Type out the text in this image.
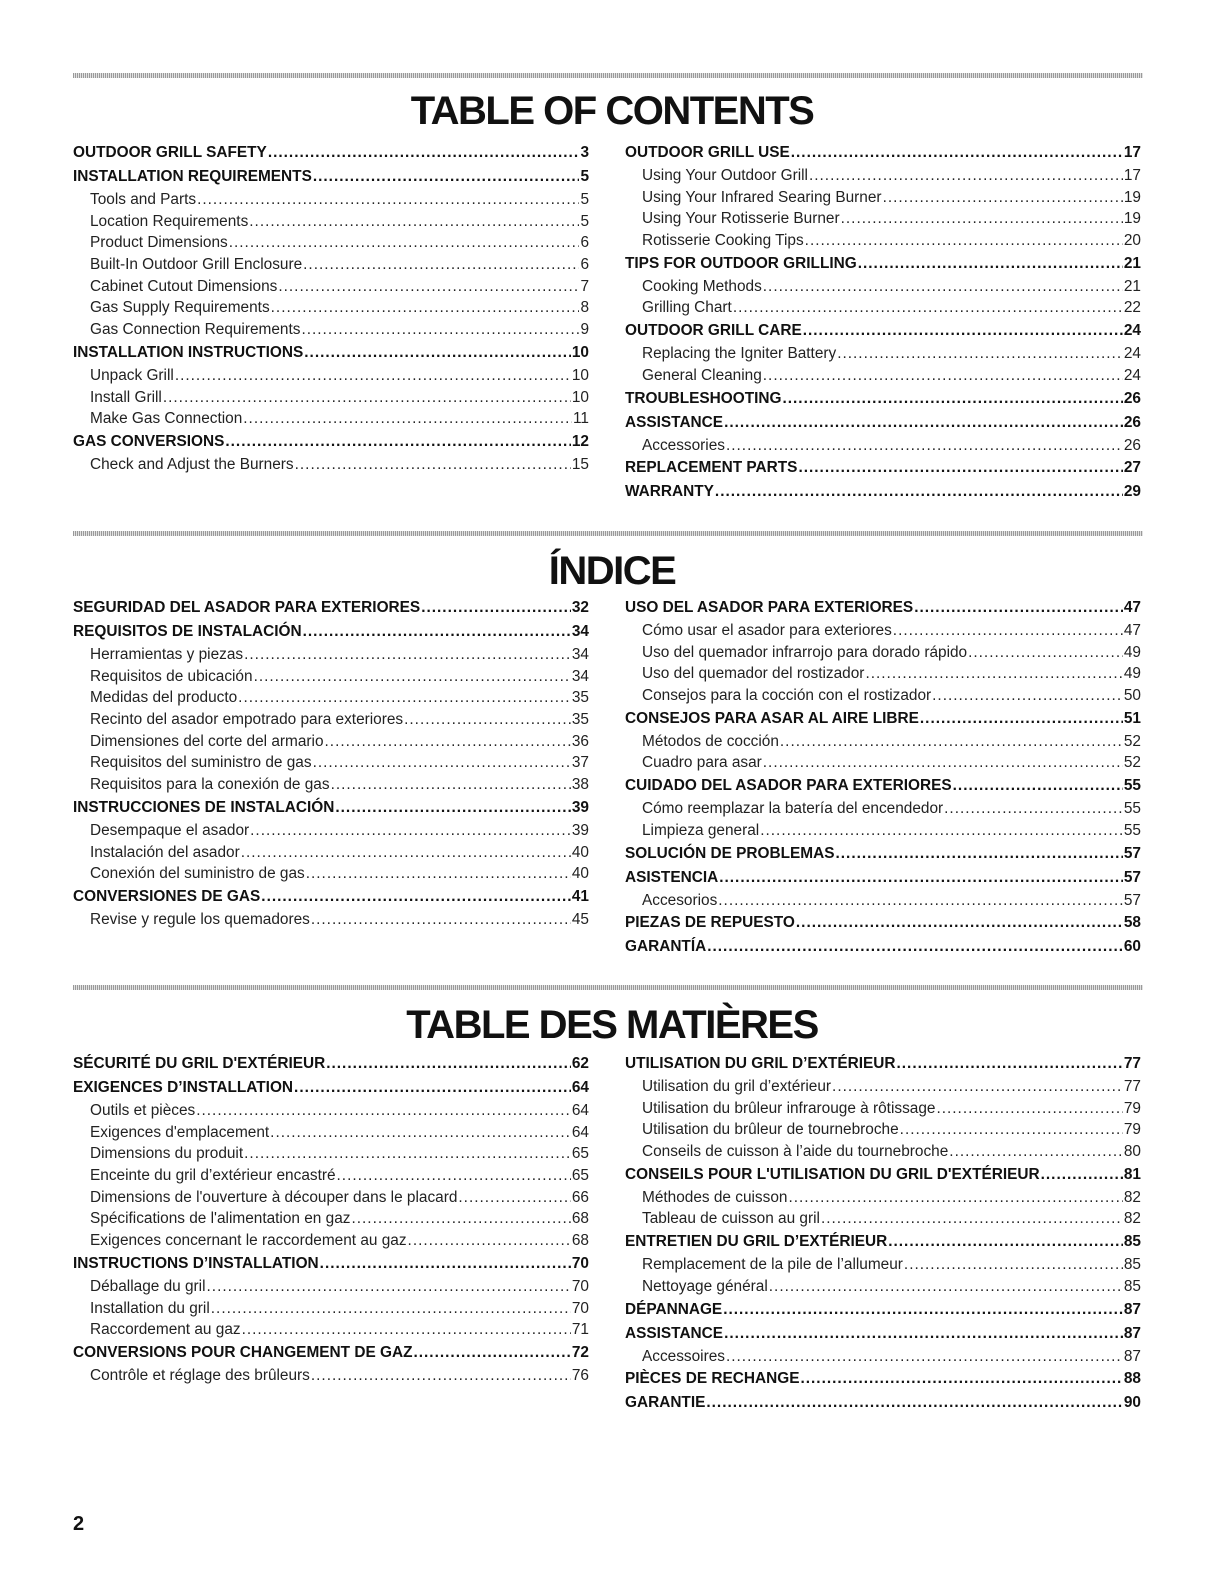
TABLE OF CONTENTS
OUTDOOR GRILL SAFETY .....	3
INSTALLATION REQUIREMENTS .....	5
Tools and Parts .....	5
Location Requirements .....	5
Product Dimensions .....	6
Built-In Outdoor Grill Enclosure .....	6
Cabinet Cutout Dimensions .....	7
Gas Supply Requirements .....	8
Gas Connection Requirements .....	9
INSTALLATION INSTRUCTIONS .....	10
Unpack Grill .....	10
Install Grill .....	10
Make Gas Connection .....	11
GAS CONVERSIONS .....	12
Check and Adjust the Burners .....	15
OUTDOOR GRILL USE .....	17
Using Your Outdoor Grill .....	17
Using Your Infrared Searing Burner .....	19
Using Your Rotisserie Burner .....	19
Rotisserie Cooking Tips .....	20
TIPS FOR OUTDOOR GRILLING .....	21
Cooking Methods .....	21
Grilling Chart .....	22
OUTDOOR GRILL CARE .....	24
Replacing the Igniter Battery .....	24
General Cleaning .....	24
TROUBLESHOOTING .....	26
ASSISTANCE .....	26
Accessories .....	26
REPLACEMENT PARTS .....	27
WARRANTY .....	29
ÍNDICE
SEGURIDAD DEL ASADOR PARA EXTERIORES .....	32
REQUISITOS DE INSTALACIÓN .....	34
Herramientas y piezas .....	34
Requisitos de ubicación .....	34
Medidas del producto .....	35
Recinto del asador empotrado para exteriores .....	35
Dimensiones del corte del armario .....	36
Requisitos del suministro de gas .....	37
Requisitos para la conexión de gas .....	38
INSTRUCCIONES DE INSTALACIÓN .....	39
Desempaque el asador .....	39
Instalación del asador .....	40
Conexión del suministro de gas .....	40
CONVERSIONES DE GAS .....	41
Revise y regule los quemadores .....	45
USO DEL ASADOR PARA EXTERIORES .....	47
Cómo usar el asador para exteriores .....	47
Uso del quemador infrarrojo para dorado rápido .....	49
Uso del quemador del rostizador .....	49
Consejos para la cocción con el rostizador .....	50
CONSEJOS PARA ASAR AL AIRE LIBRE .....	51
Métodos de cocción .....	52
Cuadro para asar .....	52
CUIDADO DEL ASADOR PARA EXTERIORES .....	55
Cómo reemplazar la batería del encendedor .....	55
Limpieza general .....	55
SOLUCIÓN DE PROBLEMAS .....	57
ASISTENCIA .....	57
Accesorios .....	57
PIEZAS DE REPUESTO .....	58
GARANTÍA .....	60
TABLE DES MATIÈRES
SÉCURITÉ DU GRIL D'EXTÉRIEUR .....	62
EXIGENCES D’INSTALLATION .....	64
Outils et pièces .....	64
Exigences d'emplacement .....	64
Dimensions du produit .....	65
Enceinte du gril d’extérieur encastré .....	65
Dimensions de l'ouverture à découper dans le placard .....	66
Spécifications de l'alimentation en gaz .....	68
Exigences concernant le raccordement au gaz .....	68
INSTRUCTIONS D’INSTALLATION .....	70
Déballage du gril .....	70
Installation du gril .....	70
Raccordement au gaz .....	71
CONVERSIONS POUR CHANGEMENT DE GAZ .....	72
Contrôle et réglage des brûleurs .....	76
UTILISATION DU GRIL D’EXTÉRIEUR .....	77
Utilisation du gril d’extérieur .....	77
Utilisation du brûleur infrarouge à rôtissage .....	79
Utilisation du brûleur de tournebroche .....	79
Conseils de cuisson à l’aide du tournebroche .....	80
CONSEILS POUR L'UTILISATION DU GRIL D'EXTÉRIEUR .....	81
Méthodes de cuisson .....	82
Tableau de cuisson au gril .....	82
ENTRETIEN DU GRIL D’EXTÉRIEUR .....	85
Remplacement de la pile de l’allumeur .....	85
Nettoyage général .....	85
DÉPANNAGE .....	87
ASSISTANCE .....	87
Accessoires .....	87
PIÈCES DE RECHANGE .....	88
GARANTIE .....	90
2
